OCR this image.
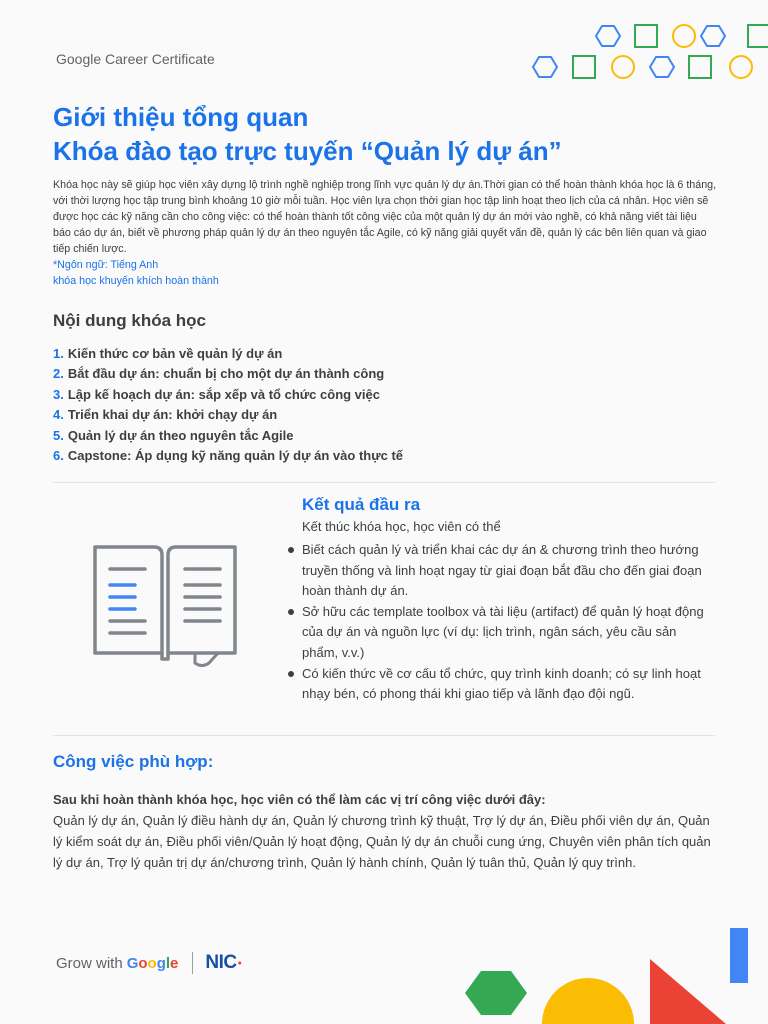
Google Career Certificate
Giới thiệu tổng quan
Khóa đào tạo trực tuyến “Quản lý dự án”
Khóa học này sẽ giúp học viên xây dựng lộ trình nghề nghiệp trong lĩnh vực quản lý dự án.Thời gian có thể hoàn thành khóa học là 6 tháng, với thời lượng học tập trung bình khoảng 10 giờ mỗi tuần. Học viên lựa chọn thời gian học tập linh hoạt theo lịch của cá nhân. Học viên sẽ được học các kỹ năng cần cho công việc: có thể hoàn thành tốt công việc của một quản lý dự án mới vào nghề, có khả năng viết tài liệu báo cáo dự án, biết về phương pháp quản lý dự án theo nguyên tắc Agile, có kỹ năng giải quyết vấn đề, quản lý các bên liên quan và giao tiếp chiến lược.
*Ngôn ngữ: Tiếng Anh
khóa học khuyến khích hoàn thành
Nội dung khóa học
1. Kiến thức cơ bản về quản lý dự án
2. Bắt đầu dự án: chuẩn bị cho một dự án thành công
3. Lập kế hoạch dự án: sắp xếp và tổ chức công việc
4. Triển khai dự án: khởi chạy dự án
5. Quản lý dự án theo nguyên tắc Agile
6. Capstone: Áp dụng kỹ năng quản lý dự án vào thực tế
Kết quả đầu ra
Kết thúc khóa học, học viên có thể
Biết cách quản lý và triển khai các dự án & chương trình theo hướng truyền thống và linh hoạt ngay từ giai đoạn bắt đầu cho đến giai đoạn hoàn thành dự án.
Sở hữu các template toolbox và tài liệu (artifact) để quản lý hoạt động của dự án và nguồn lực (ví dụ: lịch trình, ngân sách, yêu cầu sản phẩm, v.v.)
Có kiến thức về cơ cấu tổ chức, quy trình kinh doanh; có sự linh hoạt nhạy bén, có phong thái khi giao tiếp và lãnh đạo đội ngũ.
Công việc phù hợp:
Sau khi hoàn thành khóa học, học viên có thể làm các vị trí công việc dưới đây:
Quản lý dự án, Quản lý điều hành dự án, Quản lý chương trình kỹ thuật, Trợ lý dự án, Điều phối viên dự án, Quản lý kiểm soát dự án, Điều phối viên/Quản lý hoạt động, Quản lý dự án chuỗi cung ứng, Chuyên viên phân tích quản lý dự án, Trợ lý quản trị dự án/chương trình, Quản lý hành chính, Quản lý tuân thủ, Quản lý quy trình.
Grow with Google NIC ●
